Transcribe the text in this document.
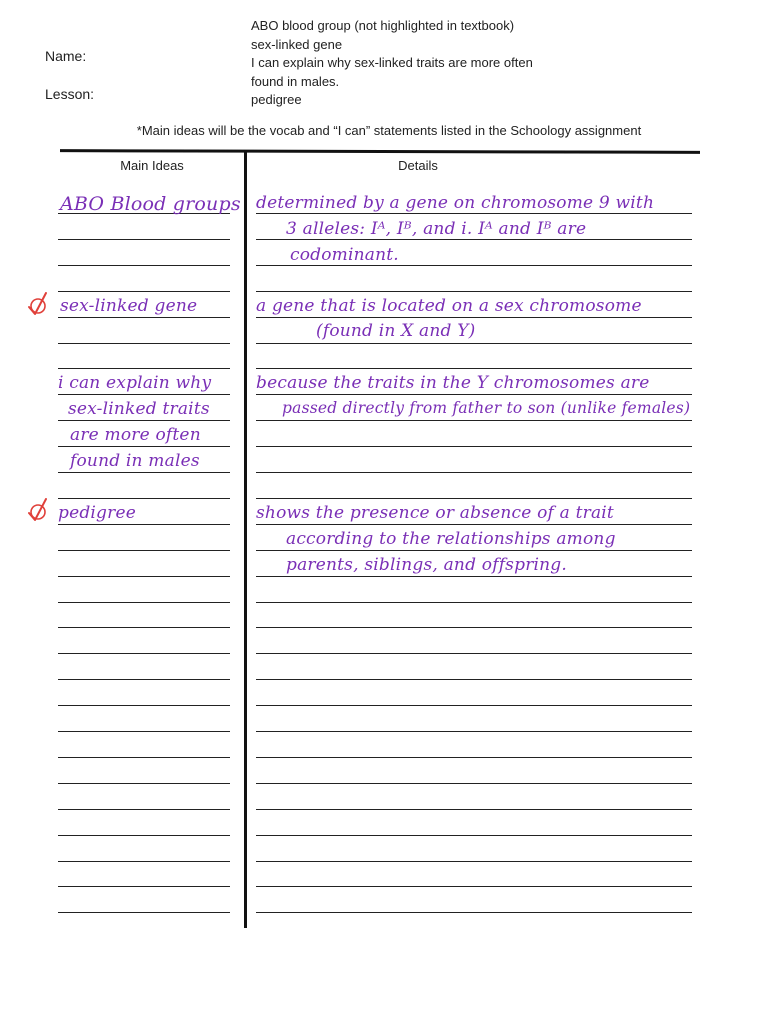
Name:
Lesson:
ABO blood group (not highlighted in textbook)
sex-linked gene
I can explain why sex-linked traits are more often
found in males.
pedigree
*Main ideas will be the vocab and “I can” statements listed in the Schoology assignment
Main Ideas	Details
ABO Blood groups
sex-linked gene
i can explain why
sex-linked traits
are more often
found in males
pedigree
determined by a gene on chromosome 9 with
3 alleles: Iᴬ, Iᴮ, and i. Iᴬ and Iᴮ are
codominant.
a gene that is located on a sex chromosome
(found in X and Y)
because the traits in the Y chromosomes are
passed directly from father to son (unlike females)
shows the presence or absence of a trait
according to the relationships among
parents, siblings, and offspring.
